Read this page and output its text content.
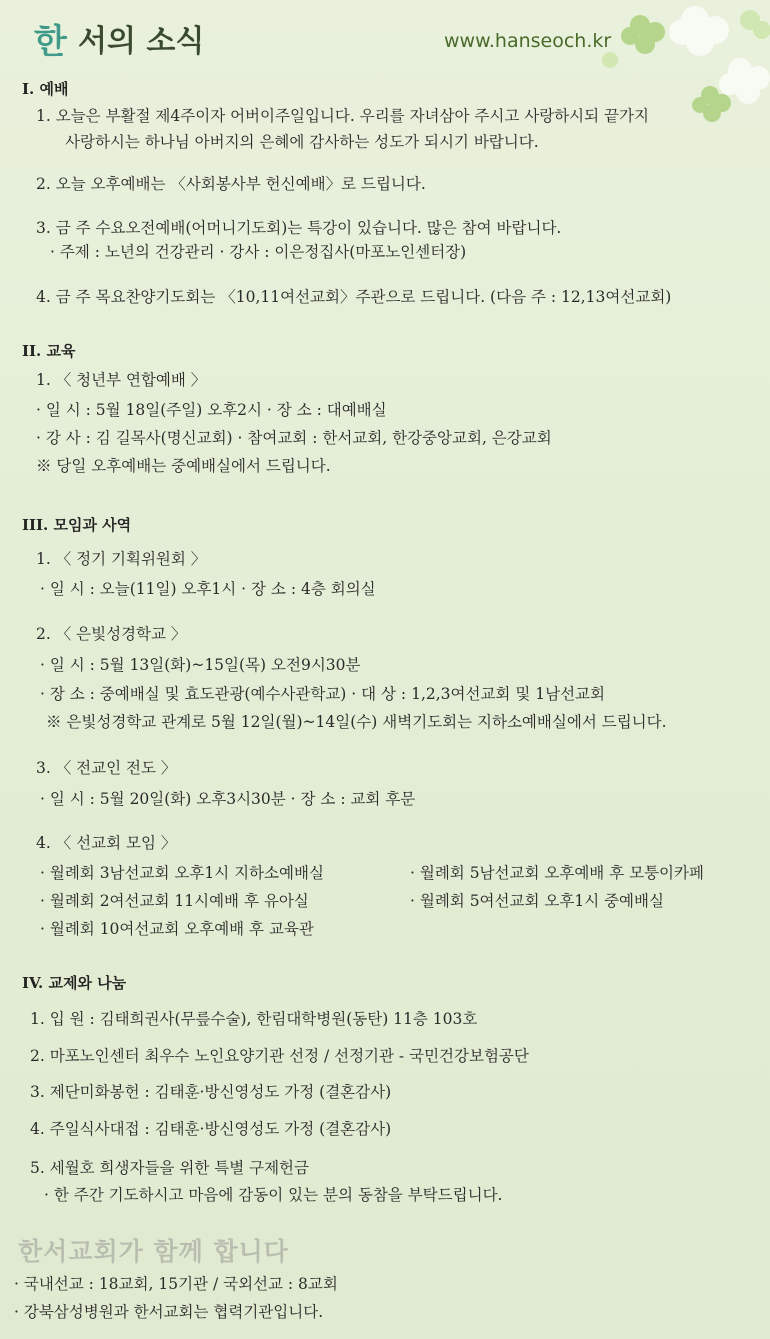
한 서의 소식	www.hanseoch.kr
I. 예배
1. 오늘은 부활절 제4주이자 어버이주일입니다. 우리를 자녀삼아 주시고 사랑하시되 끝가지
사랑하시는 하나님 아버지의 은혜에 감사하는 성도가 되시기 바랍니다.
2. 오늘 오후예배는 〈사회봉사부 헌신예배〉로 드립니다.
3. 금 주 수요오전예배(어머니기도회)는 특강이 있습니다. 많은 참여 바랍니다.
· 주제 : 노년의 건강관리 · 강사 : 이은정집사(마포노인센터장)
4. 금 주 목요찬양기도회는 〈10,11여선교회〉주관으로 드립니다. (다음 주 : 12,13여선교회)
II. 교육
1. 〈 청년부 연합예배 〉
· 일 시 : 5월 18일(주일) 오후2시 · 장 소 : 대예배실
· 강 사 : 김 길목사(명신교회) · 참여교회 : 한서교회, 한강중앙교회, 은강교회
※ 당일 오후예배는 중예배실에서 드립니다.
III. 모임과 사역
1. 〈 정기 기획위원회 〉
· 일 시 : 오늘(11일) 오후1시 · 장 소 : 4층 회의실
2. 〈 은빛성경학교 〉
· 일 시 : 5월 13일(화)~15일(목) 오전9시30분
· 장 소 : 중예배실 및 효도관광(예수사관학교) · 대 상 : 1,2,3여선교회 및 1남선교회
※ 은빛성경학교 관계로 5월 12일(월)~14일(수) 새벽기도회는 지하소예배실에서 드립니다.
3. 〈 전교인 전도 〉
· 일 시 : 5월 20일(화) 오후3시30분 · 장 소 : 교회 후문
4. 〈 선교회 모임 〉
· 월례회 3남선교회 오후1시 지하소예배실	· 월례회 5남선교회 오후예배 후 모퉁이카페
· 월례회 2여선교회 11시예배 후 유아실	· 월례회 5여선교회 오후1시 중예배실
· 월례회 10여선교회 오후예배 후 교육관
IV. 교제와 나눔
1. 입 원 : 김태희권사(무릎수술), 한림대학병원(동탄) 11층 103호
2. 마포노인센터 최우수 노인요양기관 선정 / 선정기관 - 국민건강보험공단
3. 제단미화봉헌 : 김태훈·방신영성도 가정 (결혼감사)
4. 주일식사대접 : 김태훈·방신영성도 가정 (결혼감사)
5. 세월호 희생자들을 위한 특별 구제헌금
· 한 주간 기도하시고 마음에 감동이 있는 분의 동참을 부탁드립니다.
· 국내선교 : 18교회, 15기관 / 국외선교 : 8교회
· 강북삼성병원과 한서교회는 협력기관입니다.
한서교회가 함께 합니다
